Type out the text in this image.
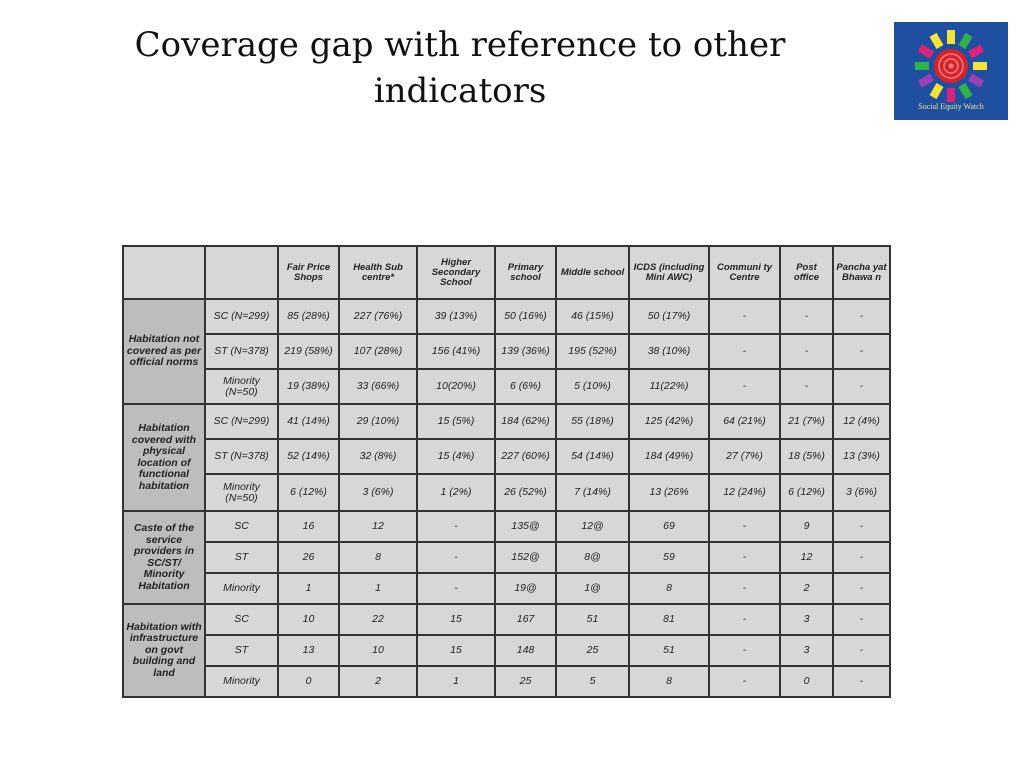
Coverage gap with reference to other indicators	Social Equity Watch
		Fair Price Shops	Health Sub centre*	Higher Secondary School	Primary school	Middle school	ICDS (including Mini AWC)	Communi ty Centre	Post office	Pancha yat Bhawa n
Habitation not covered as per official norms	SC (N=299)	85 (28%)	227 (76%)	39 (13%)	50 (16%)	46 (15%)	50 (17%)	-	-	-
	ST (N=378)	219 (58%)	107 (28%)	156 (41%)	139 (36%)	195 (52%)	38 (10%)	-	-	-
	Minority (N=50)	19 (38%)	33 (66%)	10(20%)	6 (6%)	5 (10%)	11(22%)	-	-	-
Habitation covered with physical location of functional habitation	SC (N=299)	41 (14%)	29 (10%)	15 (5%)	184 (62%)	55 (18%)	125 (42%)	64 (21%)	21 (7%)	12 (4%)
	ST (N=378)	52 (14%)	32 (8%)	15 (4%)	227 (60%)	54 (14%)	184 (49%)	27 (7%)	18 (5%)	13 (3%)
	Minority (N=50)	6 (12%)	3 (6%)	1 (2%)	26 (52%)	7 (14%)	13 (26%	12 (24%)	6 (12%)	3 (6%)
Caste of the service providers in SC/ST/ Minority Habitation	SC	16	12	-	135@	12@	69	-	9	-
	ST	26	8	-	152@	8@	59	-	12	-
	Minority	1	1	-	19@	1@	8	-	2	-
Habitation with infrastructure on govt building and land	SC	10	22	15	167	51	81	-	3	-
	ST	13	10	15	148	25	51	-	3	-
	Minority	0	2	1	25	5	8	-	0	-
